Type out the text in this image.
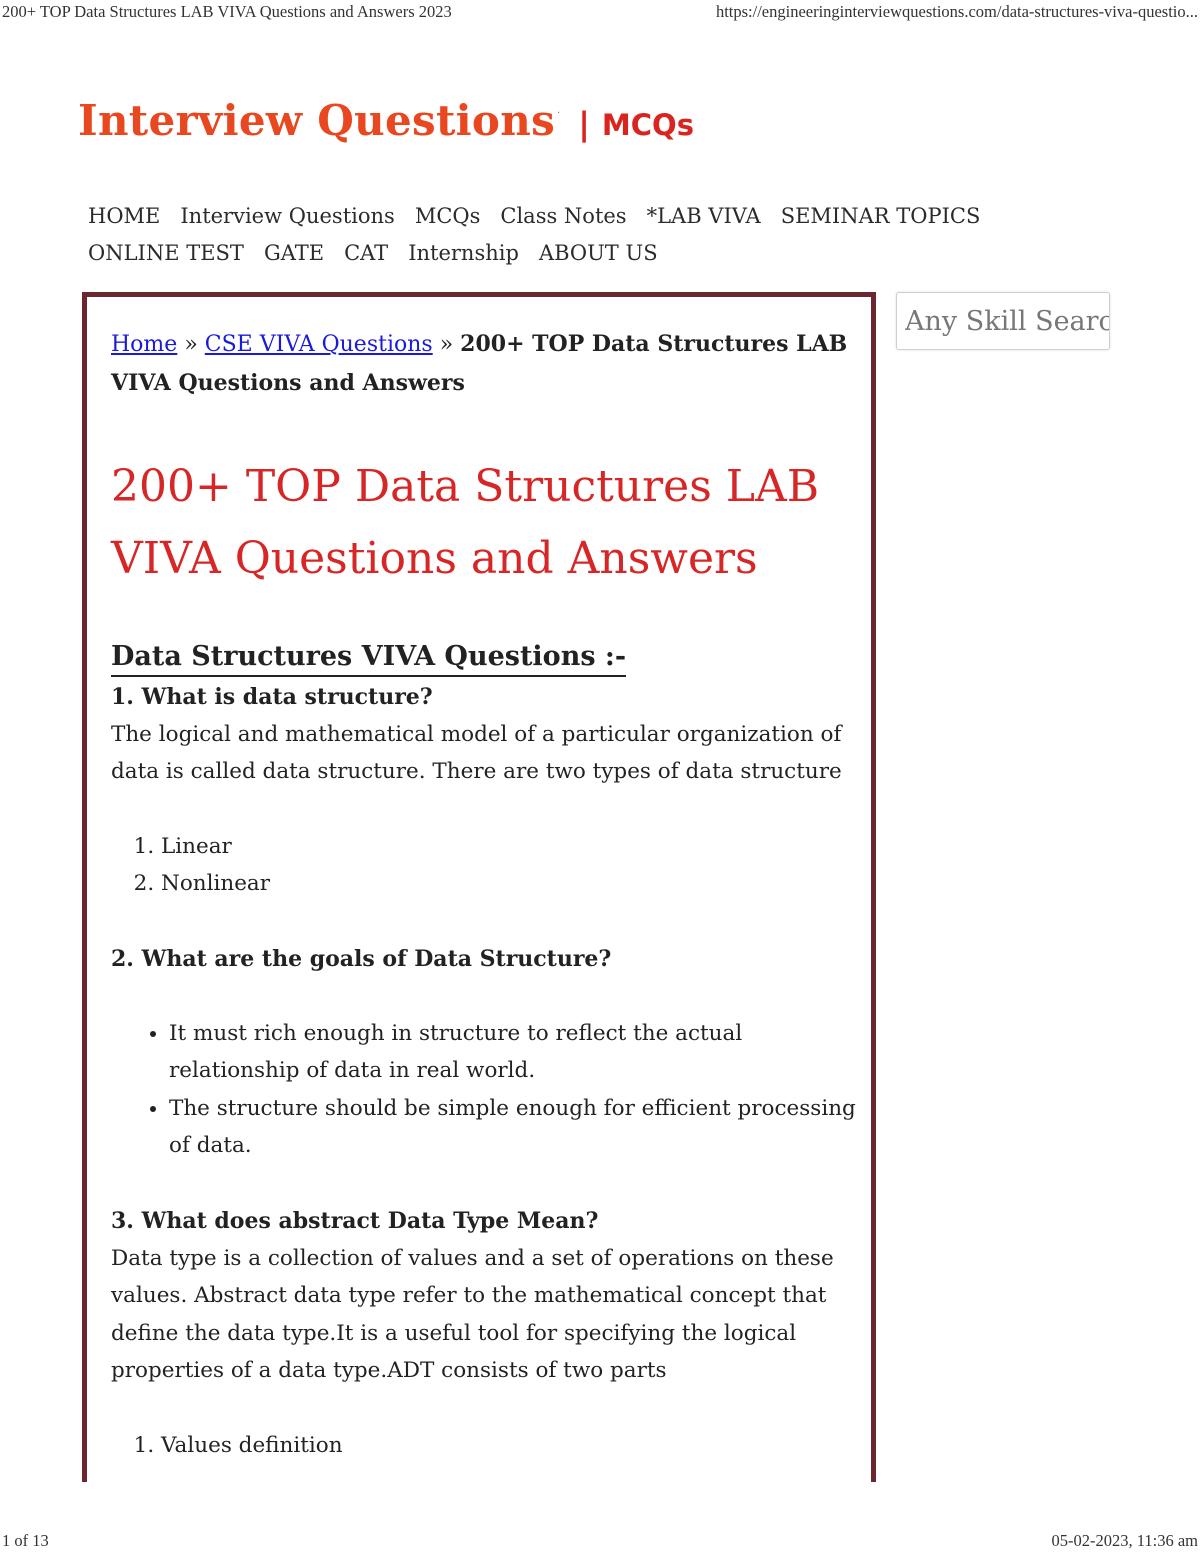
200+ TOP Data Structures LAB VIVA Questions and Answers 2023	https://engineeringinterviewquestions.com/data-structures-viva-questio...
Interview Questions . | MCQs
HOME Interview Questions MCQs Class Notes *LAB VIVA SEMINAR TOPICS
ONLINE TEST GATE CAT Internship ABOUT US

Home » CSE VIVA Questions » 200+ TOP Data Structures LAB VIVA Questions and Answers

200+ TOP Data Structures LAB VIVA Questions and Answers
Data Structures VIVA Questions :-
1. What is data structure?

The logical and mathematical model of a particular organization of data is called data structure. There are two types of data structure

1. Linear
2. Nonlinear
2. What are the goals of Data Structure?
• It must rich enough in structure to reflect the actual relationship of data in real world.
• The structure should be simple enough for efficient processing of data.
3. What does abstract Data Type Mean?

Data type is a collection of values and a set of operations on these values. Abstract data type refer to the mathematical concept that define the data type.It is a useful tool for specifying the logical properties of a data type.ADT consists of two parts

1. Values definition
Any Skill Search
1 of 13	05-02-2023, 11:36 am
